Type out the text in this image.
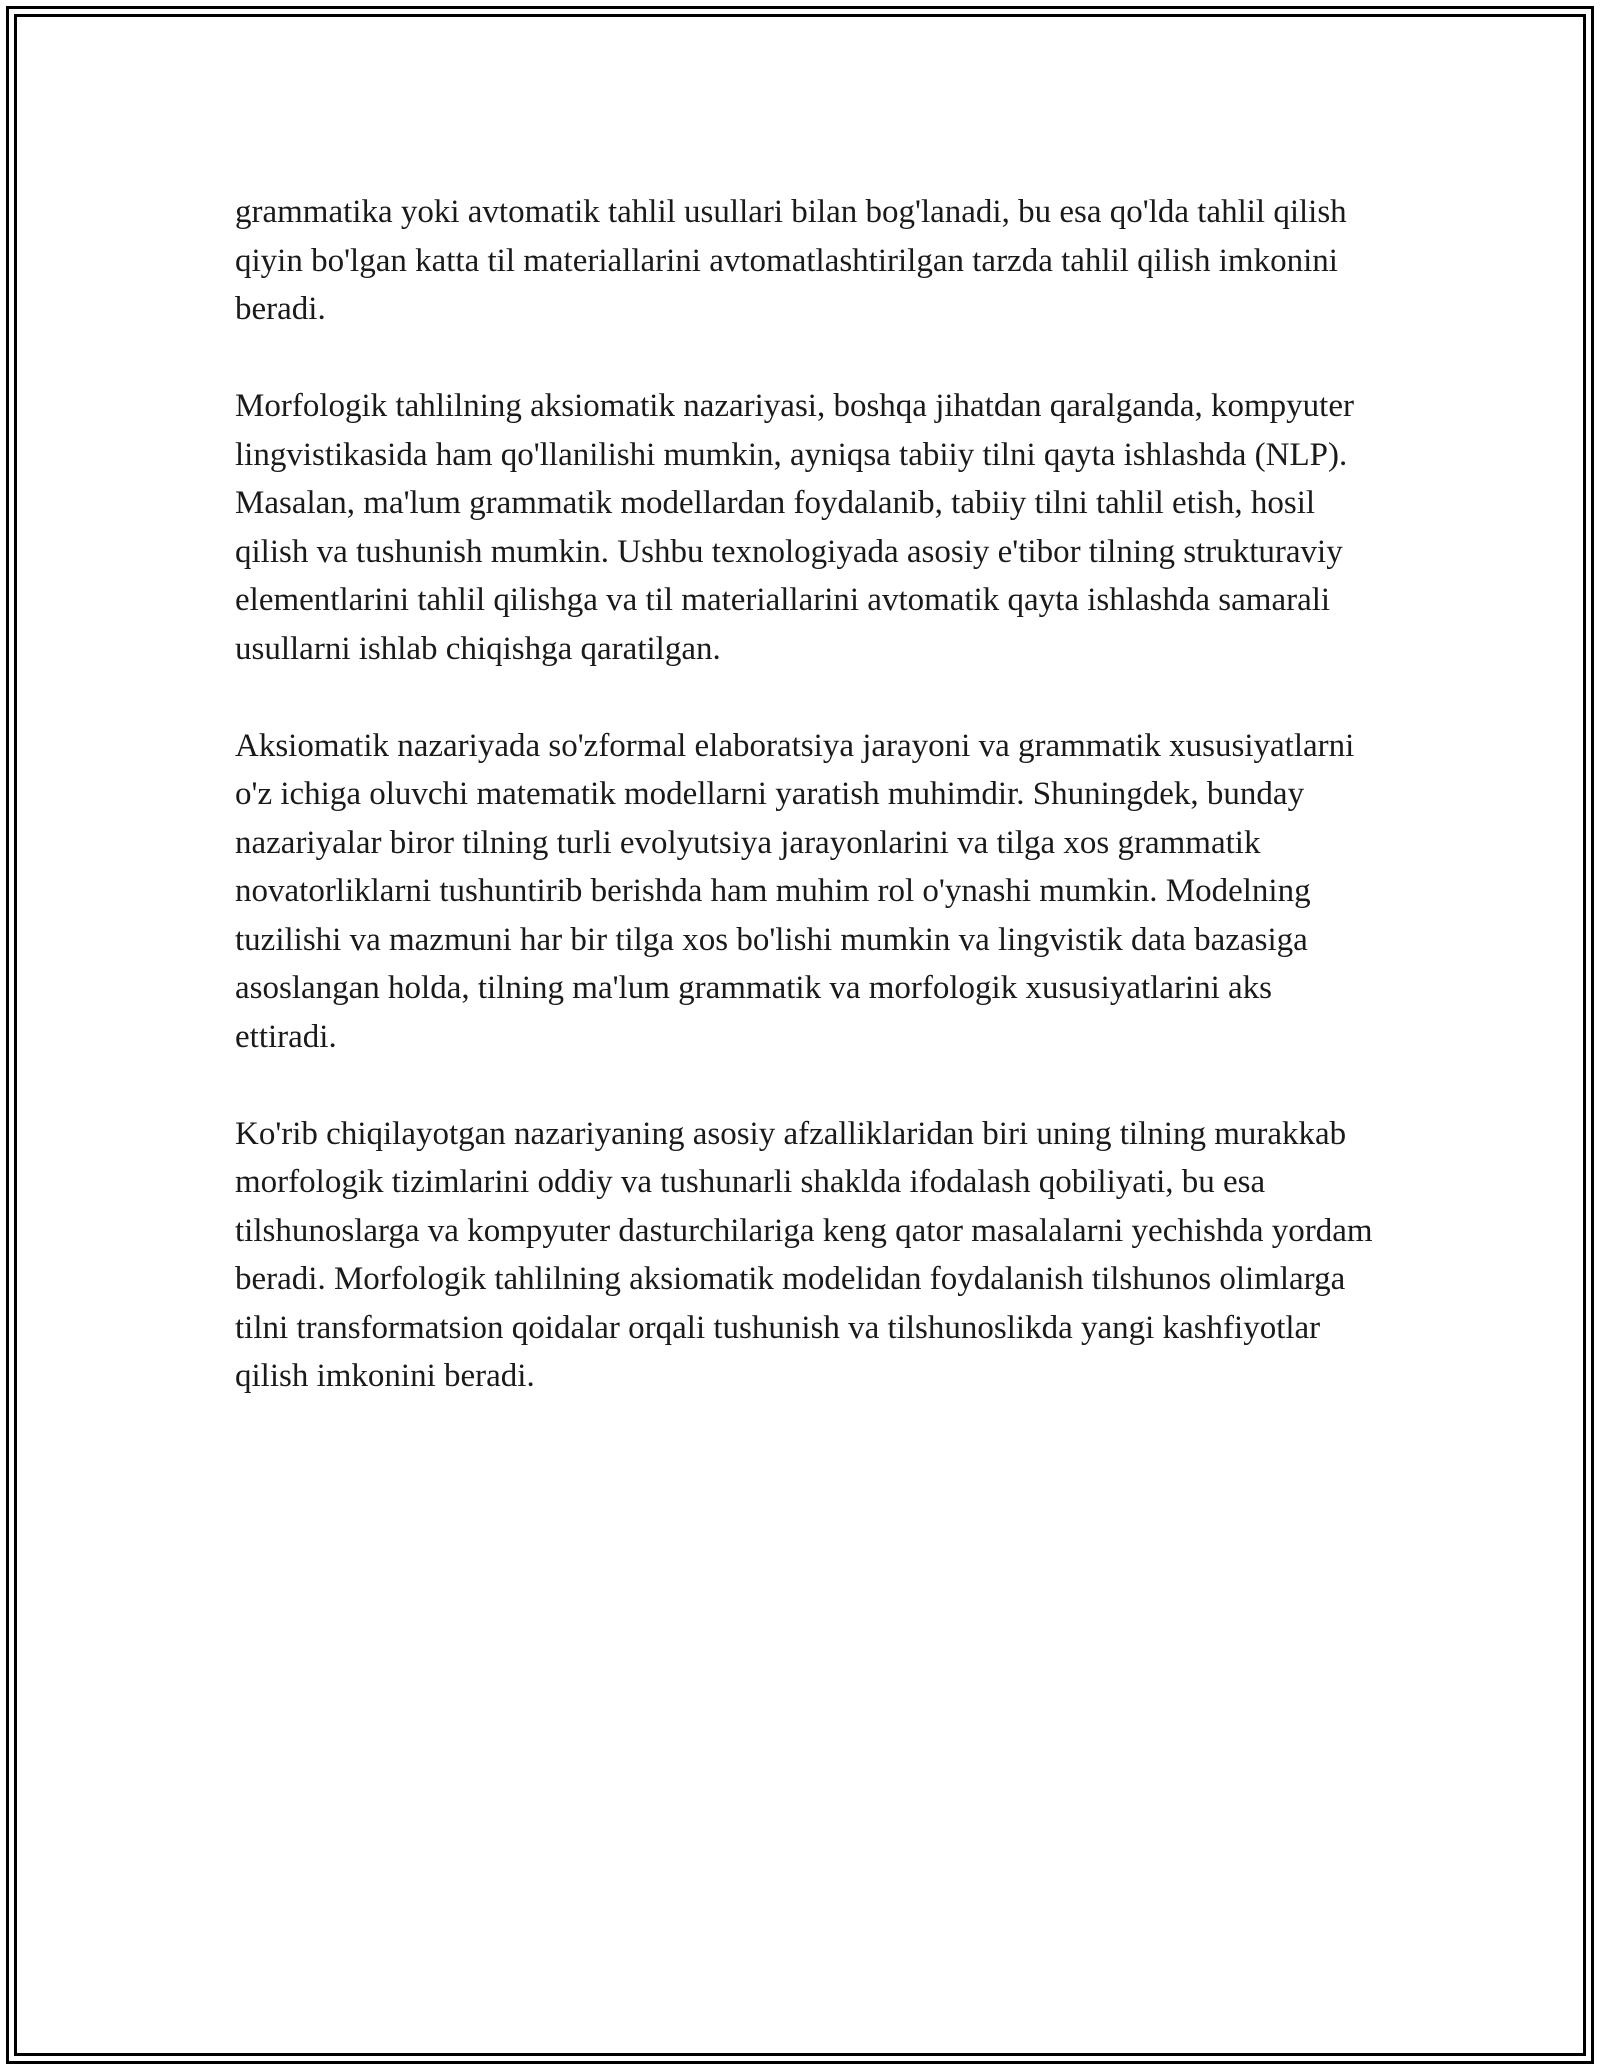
grammatika yoki avtomatik tahlil usullari bilan bog'lanadi, bu esa qo'lda tahlil qilish qiyin bo'lgan katta til materiallarini avtomatlashtirilgan tarzda tahlil qilish imkonini beradi.

Morfologik tahlilning aksiomatik nazariyasi, boshqa jihatdan qaralganda, kompyuter lingvistikasida ham qo'llanilishi mumkin, ayniqsa tabiiy tilni qayta ishlashda (NLP). Masalan, ma'lum grammatik modellardan foydalanib, tabiiy tilni tahlil etish, hosil qilish va tushunish mumkin. Ushbu texnologiyada asosiy e'tibor tilning strukturaviy elementlarini tahlil qilishga va til materiallarini avtomatik qayta ishlashda samarali usullarni ishlab chiqishga qaratilgan.

Aksiomatik nazariyada so'zformal elaboratsiya jarayoni va grammatik xususiyatlarni o'z ichiga oluvchi matematik modellarni yaratish muhimdir. Shuningdek, bunday nazariyalar biror tilning turli evolyutsiya jarayonlarini va tilga xos grammatik novatorliklarni tushuntirib berishda ham muhim rol o'ynashi mumkin. Modelning tuzilishi va mazmuni har bir tilga xos bo'lishi mumkin va lingvistik data bazasiga asoslangan holda, tilning ma'lum grammatik va morfologik xususiyatlarini aks ettiradi.

Ko'rib chiqilayotgan nazariyaning asosiy afzalliklaridan biri uning tilning murakkab morfologik tizimlarini oddiy va tushunarli shaklda ifodalash qobiliyati, bu esa tilshunoslarga va kompyuter dasturchilariga keng qator masalalarni yechishda yordam beradi. Morfologik tahlilning aksiomatik modelidan foydalanish tilshunos olimlarga tilni transformatsion qoidalar orqali tushunish va tilshunoslikda yangi kashfiyotlar qilish imkonini beradi.
